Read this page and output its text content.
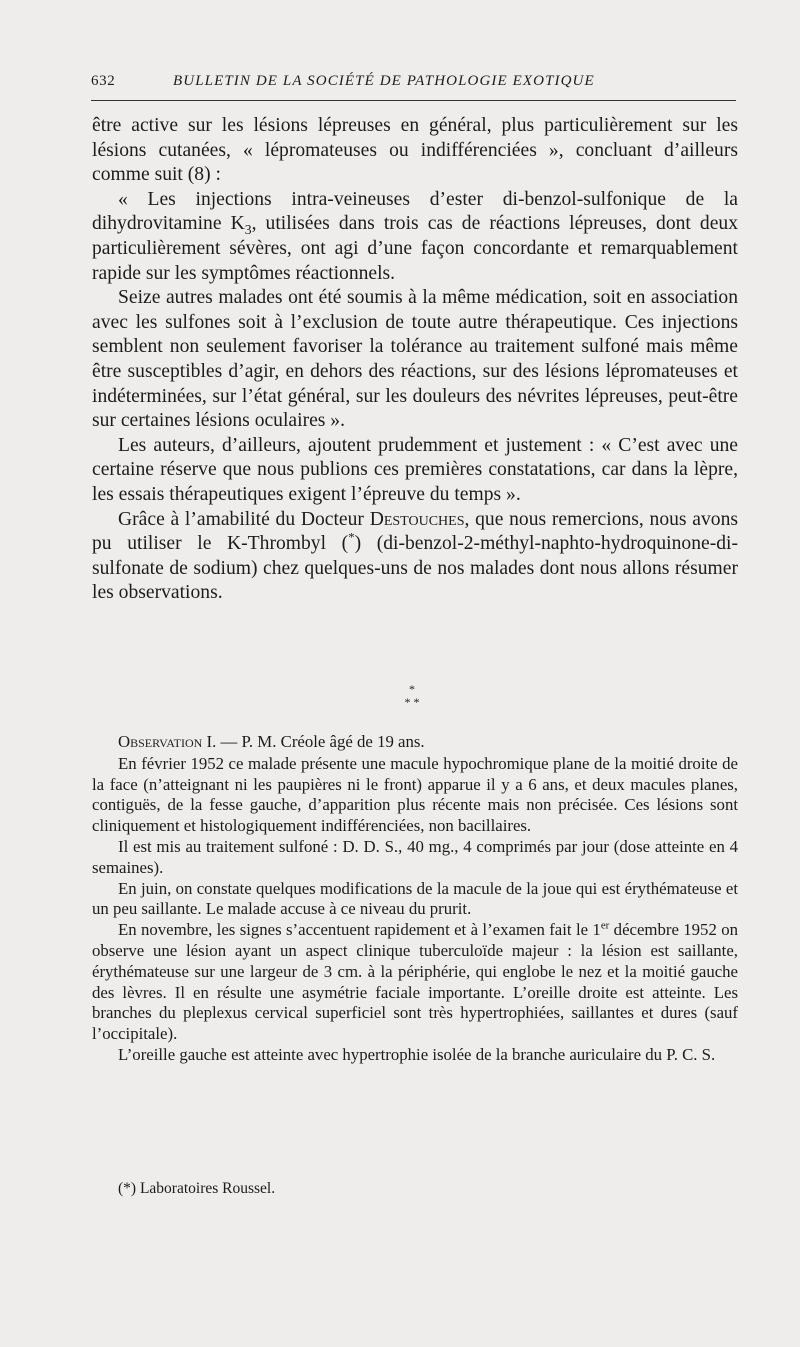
632	BULLETIN DE LA SOCIÉTÉ DE PATHOLOGIE EXOTIQUE

être active sur les lésions lépreuses en général, plus particulièrement sur les lésions cutanées, « lépromateuses ou indifférenciées », concluant d’ailleurs comme suit (8) :

« Les injections intra-veineuses d’ester di-benzol-sulfonique de la dihydrovitamine $K_3$, utilisées dans trois cas de réactions lépreuses, dont deux particulièrement sévères, ont agi d’une façon concordante et remarquablement rapide sur les symptômes réactionnels.

Seize autres malades ont été soumis à la même médication, soit en association avec les sulfones soit à l’exclusion de toute autre thérapeutique. Ces injections semblent non seulement favoriser la tolérance au traitement sulfoné mais même être susceptibles d’agir, en dehors des réactions, sur des lésions lépromateuses et indéterminées, sur l’état général, sur les douleurs des névrites lépreuses, peut-être sur certaines lésions oculaires ».

Les auteurs, d’ailleurs, ajoutent prudemment et justement : « C’est avec une certaine réserve que nous publions ces premières constatations, car dans la lèpre, les essais thérapeutiques exigent l’épreuve du temps ».

Grâce à l’amabilité du Docteur Destouches, que nous remercions, nous avons pu utiliser le K-Thrombyl (*) (di-benzol-2-méthyl-naphto-hydroquinone-di-sulfonate de sodium) chez quelques-uns de nos malades dont nous allons résumer les observations.

*
* *

Observation I. — P. M. Créole âgé de 19 ans.

En février 1952 ce malade présente une macule hypochromique plane de la moitié droite de la face (n’atteignant ni les paupières ni le front) apparue il y a 6 ans, et deux macules planes, contiguës, de la fesse gauche, d’apparition plus récente mais non précisée. Ces lésions sont cliniquement et histologiquement indifférenciées, non bacillaires.

Il est mis au traitement sulfoné : D. D. S., 40 mg., 4 comprimés par jour (dose atteinte en 4 semaines).

En juin, on constate quelques modifications de la macule de la joue qui est érythémateuse et un peu saillante. Le malade accuse à ce niveau du prurit.

En novembre, les signes s’accentuent rapidement et à l’examen fait le 1er décembre 1952 on observe une lésion ayant un aspect clinique tuberculoïde majeur : la lésion est saillante, érythémateuse sur une largeur de 3 cm. à la périphérie, qui englobe le nez et la moitié gauche des lèvres. Il en résulte une asymétrie faciale importante. L’oreille droite est atteinte. Les branches du pleplexus cervical superficiel sont très hypertrophiées, saillantes et dures (sauf l’occipitale).

L’oreille gauche est atteinte avec hypertrophie isolée de la branche auriculaire du P. C. S.

(*) Laboratoires Roussel.
